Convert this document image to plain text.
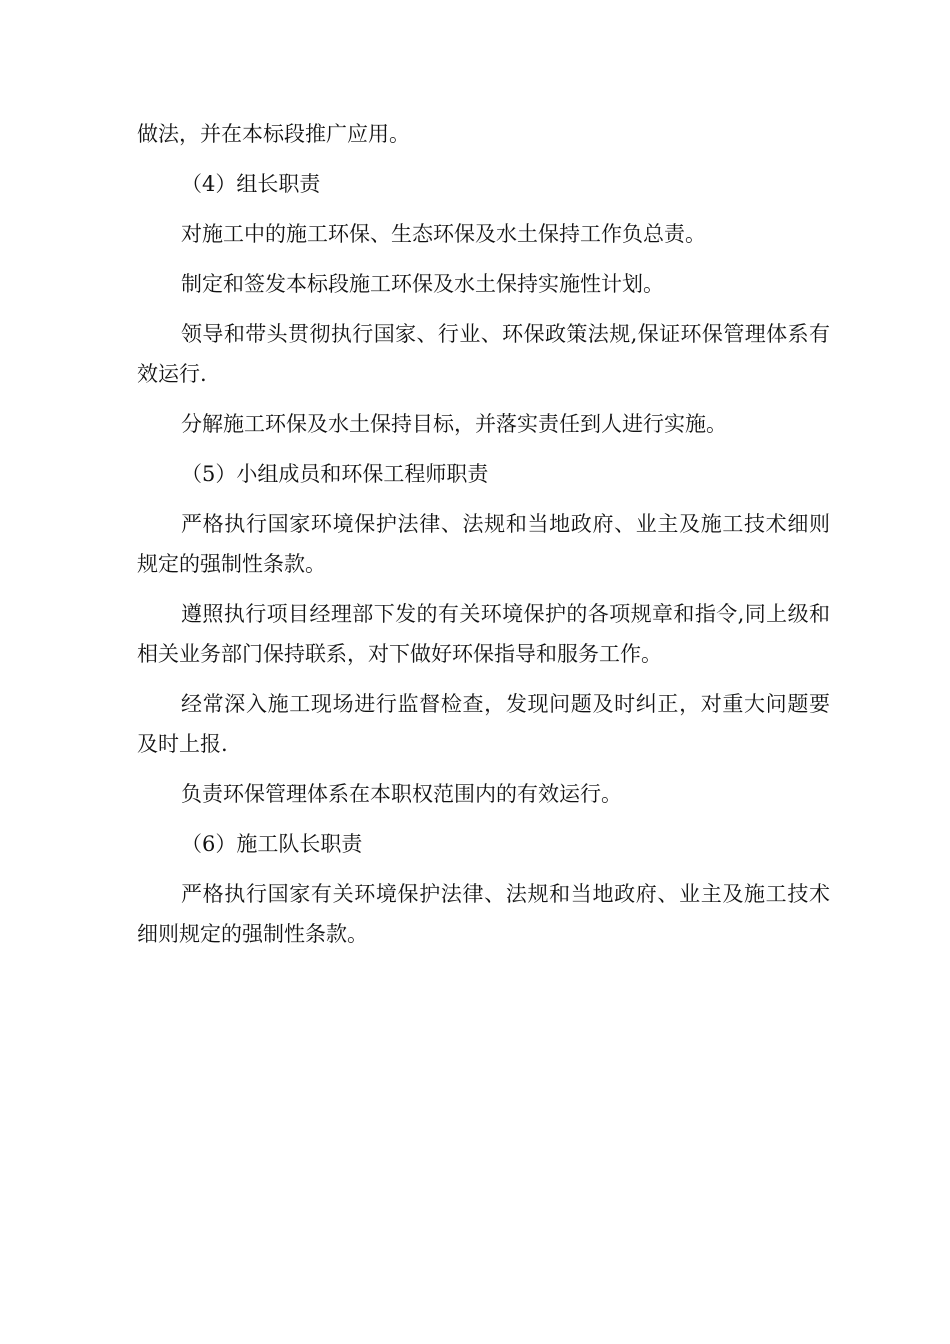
做法，并在本标段推广应用。

（4）组长职责

对施工中的施工环保、生态环保及水土保持工作负总责。

制定和签发本标段施工环保及水土保持实施性计划。

领导和带头贯彻执行国家、行业、环保政策法规,保证环保管理体系有效运行.

分解施工环保及水土保持目标，并落实责任到人进行实施。

（5）小组成员和环保工程师职责

严格执行国家环境保护法律、法规和当地政府、业主及施工技术细则规定的强制性条款。

遵照执行项目经理部下发的有关环境保护的各项规章和指令,同上级和相关业务部门保持联系，对下做好环保指导和服务工作。

经常深入施工现场进行监督检查，发现问题及时纠正，对重大问题要及时上报.

负责环保管理体系在本职权范围内的有效运行。

（6）施工队长职责

严格执行国家有关环境保护法律、法规和当地政府、业主及施工技术细则规定的强制性条款。
